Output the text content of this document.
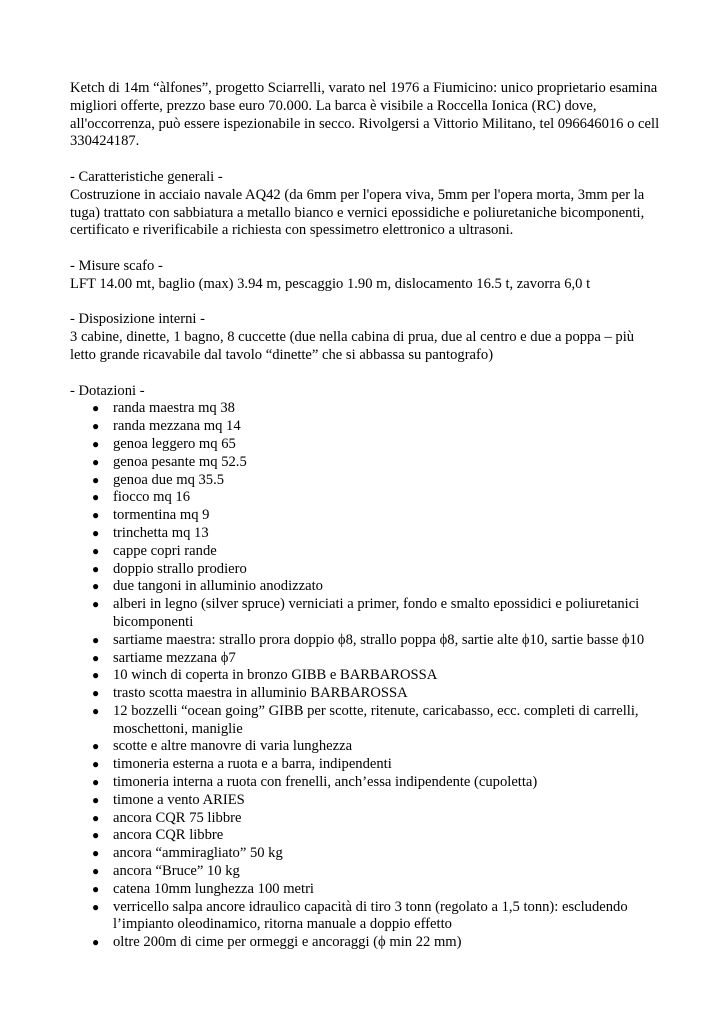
Ketch di 14m “àlfones”, progetto Sciarrelli, varato nel 1976 a Fiumicino: unico proprietario esamina migliori offerte, prezzo base euro 70.000. La barca è visibile a Roccella Ionica (RC) dove, all'occorrenza, può essere ispezionabile in secco. Rivolgersi a Vittorio Militano, tel 096646016 o cell 330424187.

- Caratteristiche generali -

Costruzione in acciaio navale AQ42 (da 6mm per l'opera viva, 5mm per l'opera morta, 3mm per la tuga) trattato con sabbiatura a metallo bianco e vernici epossidiche e poliuretaniche bicomponenti, certificato e riverificabile a richiesta con spessimetro elettronico a ultrasoni.

- Misure scafo -

LFT 14.00 mt, baglio (max) 3.94 m, pescaggio 1.90 m, dislocamento 16.5 t, zavorra 6,0 t

- Disposizione interni -

3 cabine, dinette, 1 bagno, 8 cuccette (due nella cabina di prua, due al centro e due a poppa – più letto grande ricavabile dal tavolo “dinette” che si abbassa su pantografo)

- Dotazioni -

● randa maestra mq 38
● randa mezzana mq 14
● genoa leggero mq 65
● genoa pesante mq 52.5
● genoa due mq 35.5
● fiocco mq 16
● tormentina mq 9
● trinchetta mq 13
● cappe copri rande
● doppio strallo prodiero
● due tangoni in alluminio anodizzato
● alberi in legno (silver spruce) verniciati a primer, fondo e smalto epossidici e poliuretanici bicomponenti
● sartiame maestra: strallo prora doppio ϕ8, strallo poppa ϕ8, sartie alte ϕ10, sartie basse ϕ10
● sartiame mezzana ϕ7
● 10 winch di coperta in bronzo GIBB e BARBAROSSA
● trasto scotta maestra in alluminio BARBAROSSA
● 12 bozzelli “ocean going” GIBB per scotte, ritenute, caricabasso, ecc. completi di carrelli, moschettoni, maniglie
● scotte e altre manovre di varia lunghezza
● timoneria esterna a ruota e a barra, indipendenti
● timoneria interna a ruota con frenelli, anch’essa indipendente (cupoletta)
● timone a vento ARIES
● ancora CQR 75 libbre
● ancora CQR libbre
● ancora “ammiragliato” 50 kg
● ancora “Bruce” 10 kg
● catena 10mm lunghezza 100 metri
● verricello salpa ancore idraulico capacità di tiro 3 tonn (regolato a 1,5 tonn): escludendo l’impianto oleodinamico, ritorna manuale a doppio effetto
● oltre 200m di cime per ormeggi e ancoraggi (ϕ min 22 mm)
